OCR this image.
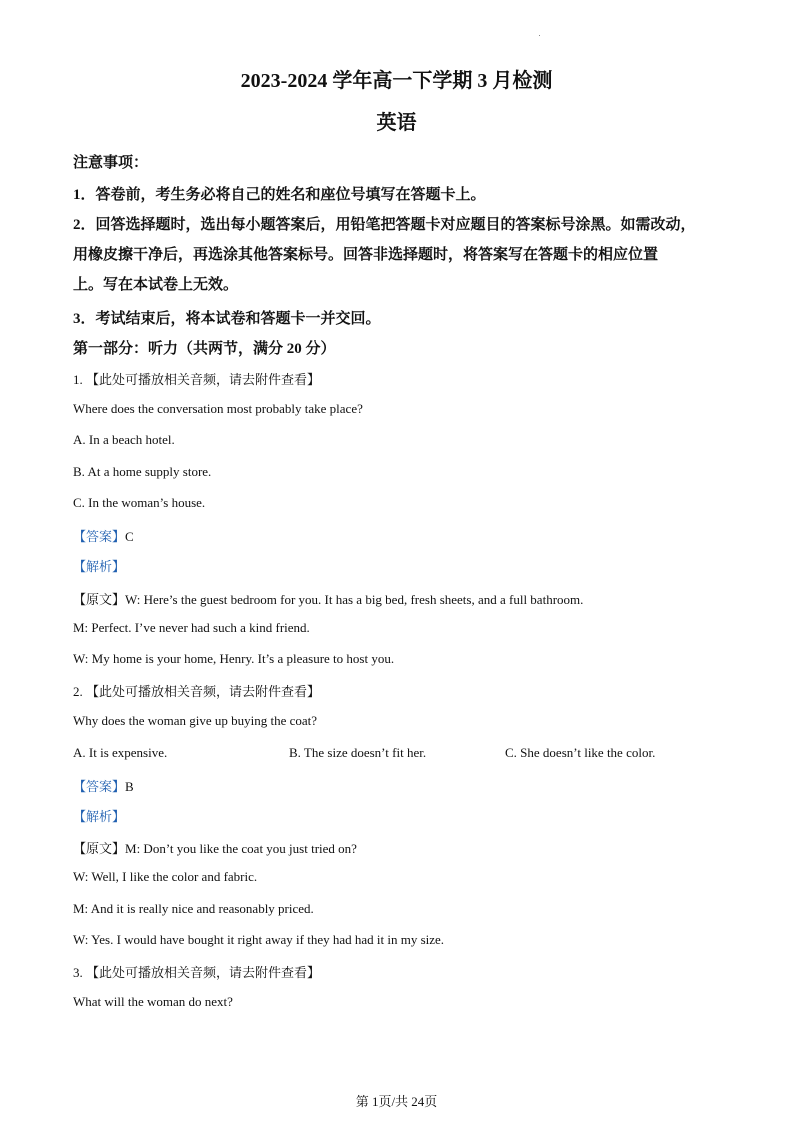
2023-2024 学年高一下学期 3 月检测
英语
注意事项：
1．答卷前，考生务必将自己的姓名和座位号填写在答题卡上。
2．回答选择题时，选出每小题答案后，用铅笔把答题卡对应题目的答案标号涂黑。如需改动，
用橡皮擦干净后，再选涂其他答案标号。回答非选择题时，将答案写在答题卡的相应位置
上。写在本试卷上无效。
3．考试结束后，将本试卷和答题卡一并交回。
第一部分：听力（共两节，满分 20 分）
1. 【此处可播放相关音频，请去附件查看】
Where does the conversation most probably take place?
A. In a beach hotel.
B. At a home supply store.
C. In the woman’s house.
【答案】C
【解析】
【原文】W: Here’s the guest bedroom for you. It has a big bed, fresh sheets, and a full bathroom.
M: Perfect. I’ve never had such a kind friend.
W: My home is your home, Henry. It’s a pleasure to host you.
2. 【此处可播放相关音频，请去附件查看】
Why does the woman give up buying the coat?
A. It is expensive.	B. The size doesn’t fit her.	C. She doesn’t like the color.
【答案】B
【解析】
【原文】M: Don’t you like the coat you just tried on?
W: Well, I like the color and fabric.
M: And it is really nice and reasonably priced.
W: Yes. I would have bought it right away if they had had it in my size.
3. 【此处可播放相关音频，请去附件查看】
What will the woman do next?
第 1页/共 24页
